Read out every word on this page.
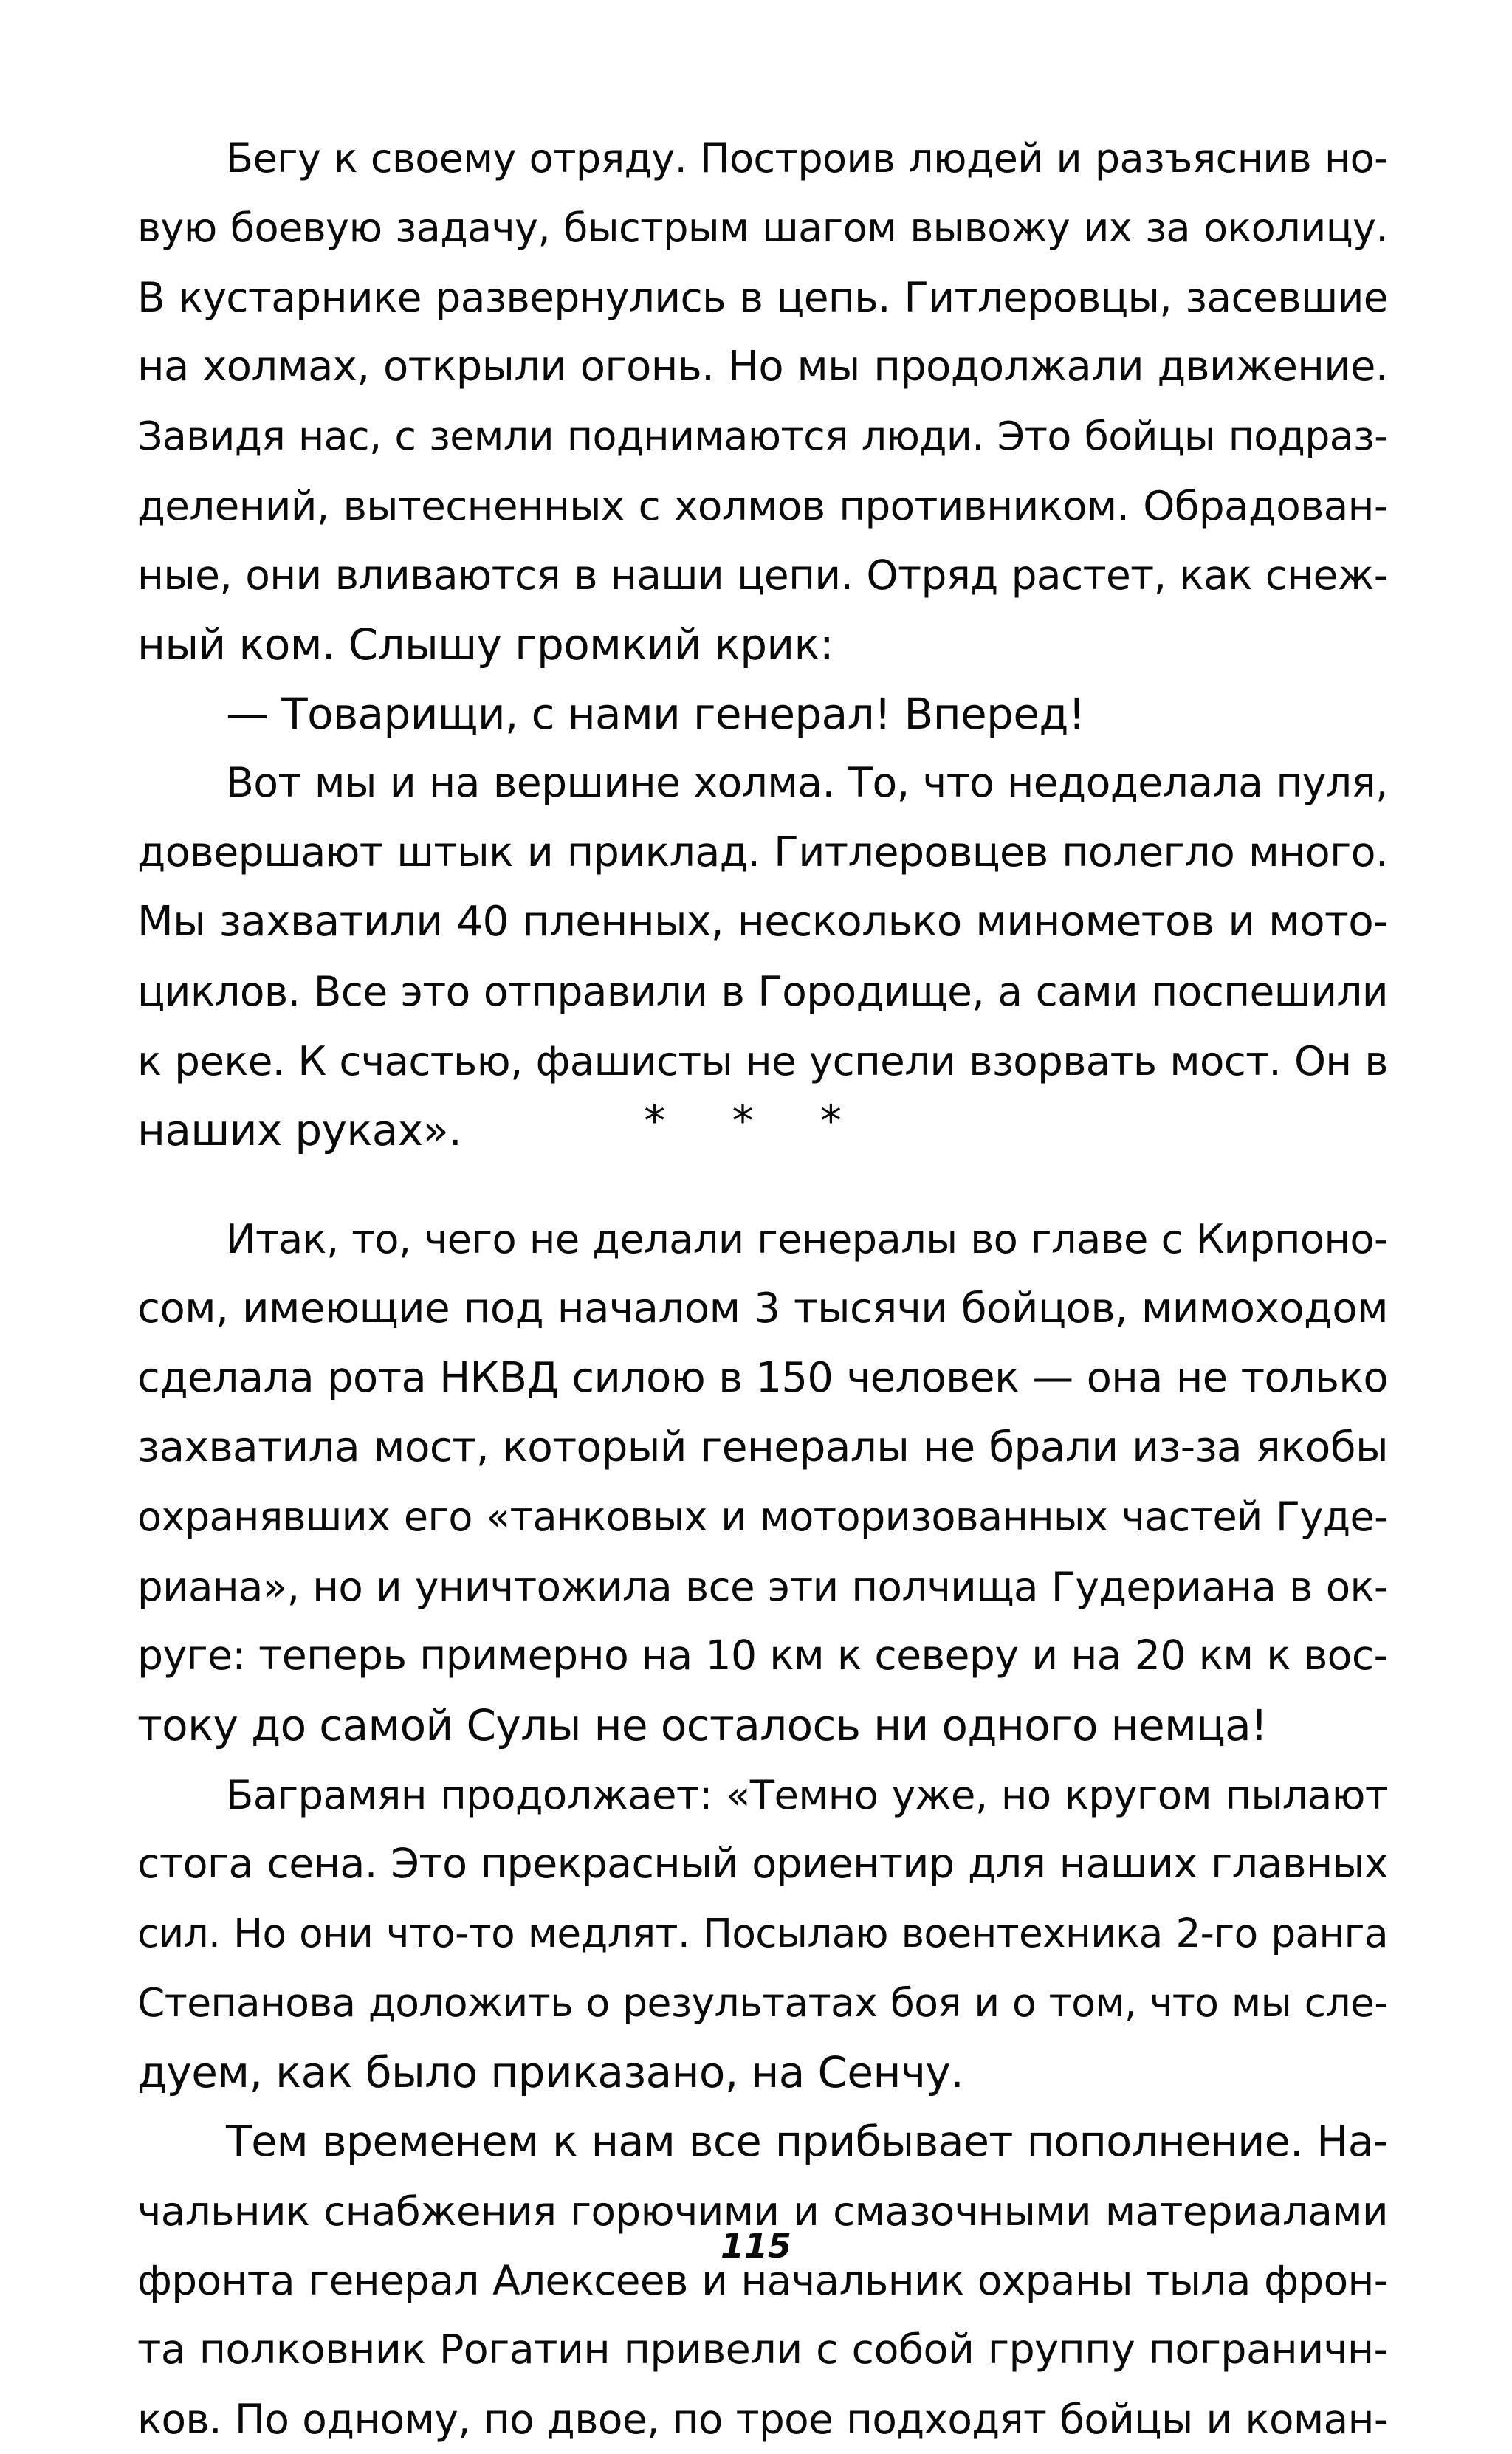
Бегу к своему отряду. Построив людей и разъяснив но-
вую боевую задачу, быстрым шагом вывожу их за околицу.
В кустарнике развернулись в цепь. Гитлеровцы, засевшие
на холмах, открыли огонь. Но мы продолжали движение.
Завидя нас, с земли поднимаются люди. Это бойцы подраз-
делений, вытесненных с холмов противником. Обрадован-
ные, они вливаются в наши цепи. Отряд растет, как снеж-
ный ком. Слышу громкий крик:
— Товарищи, с нами генерал! Вперед!
Вот мы и на вершине холма. То, что недоделала пуля,
довершают штык и приклад. Гитлеровцев полегло много.
Мы захватили 40 пленных, несколько минометов и мото-
циклов. Все это отправили в Городище, а сами поспешили
к реке. К счастью, фашисты не успели взорвать мост. Он в
наших руках».	* * *
Итак, то, чего не делали генералы во главе с Кирпоно-
сом, имеющие под началом 3 тысячи бойцов, мимоходом
сделала рота НКВД силою в 150 человек — она не только
захватила мост, который генералы не брали из-за якобы
охранявших его «танковых и моторизованных частей Гуде-
риана», но и уничтожила все эти полчища Гудериана в ок-
руге: теперь примерно на 10 км к северу и на 20 км к вос-
току до самой Сулы не осталось ни одного немца!
Баграмян продолжает: «Темно уже, но кругом пылают
стога сена. Это прекрасный ориентир для наших главных
сил. Но они что-то медлят. Посылаю воентехника 2-го ранга
Степанова доложить о результатах боя и о том, что мы сле-
дуем, как было приказано, на Сенчу.
Тем временем к нам все прибывает пополнение. На-
чальник снабжения горючими и смазочными материалами
фронта генерал Алексеев и начальник охраны тыла фрон-
та полковник Рогатин привели с собой группу пограничн-
ков. По одному, по двое, по трое подходят бойцы и коман-
115
